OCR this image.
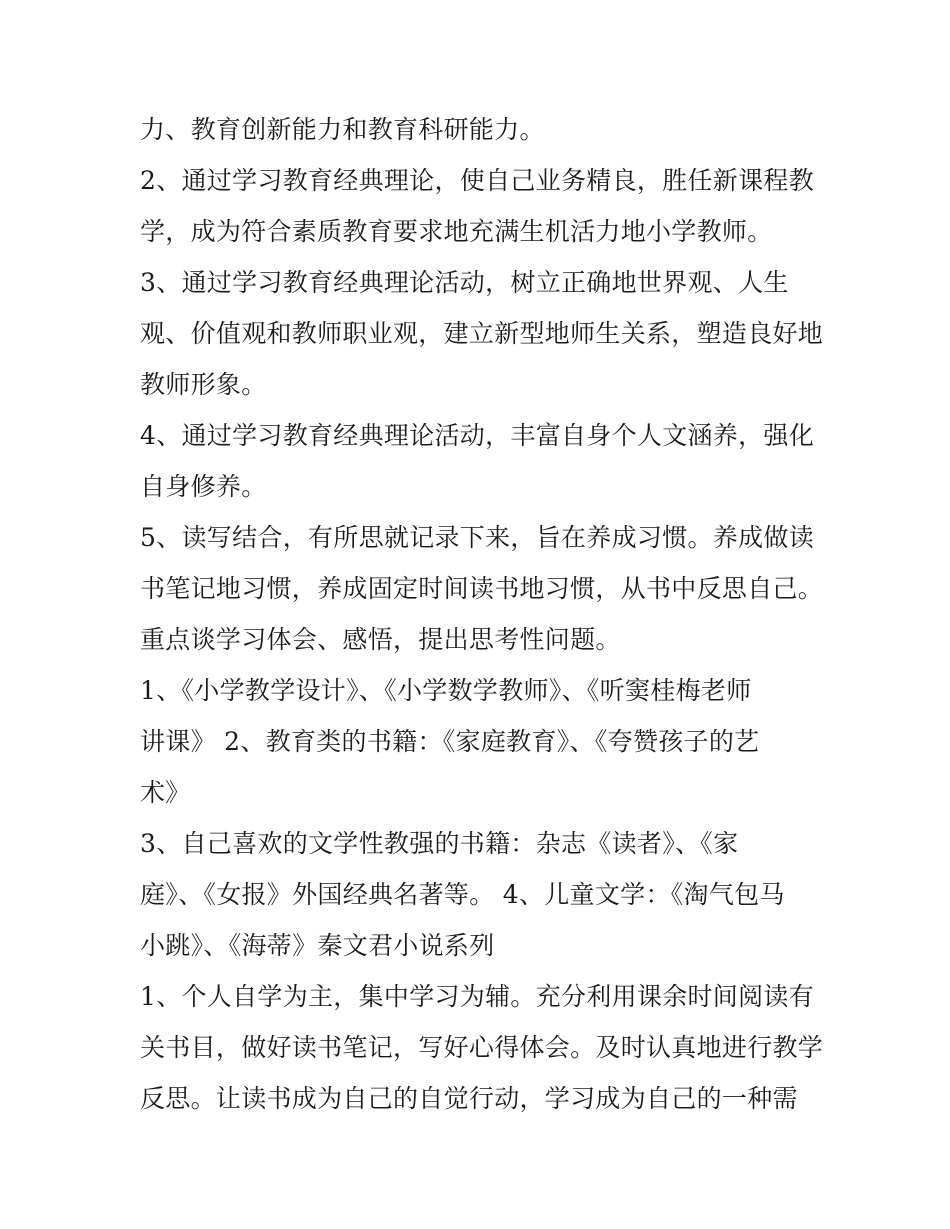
力、教育创新能力和教育科研能力。
2、通过学习教育经典理论，使自己业务精良，胜任新课程教
学，成为符合素质教育要求地充满生机活力地小学教师。
3、通过学习教育经典理论活动，树立正确地世界观、人生
观、价值观和教师职业观，建立新型地师生关系，塑造良好地
教师形象。
4、通过学习教育经典理论活动，丰富自身个人文涵养，强化
自身修养。
5、读写结合，有所思就记录下来，旨在养成习惯。养成做读
书笔记地习惯，养成固定时间读书地习惯，从书中反思自己。
重点谈学习体会、感悟，提出思考性问题。
1、《小学教学设计》、《小学数学教师》、《听窦桂梅老师
讲课》 2、教育类的书籍：《家庭教育》、《夸赞孩子的艺
术》
3、自己喜欢的文学性教强的书籍：杂志《读者》、《家
庭》、《女报》外国经典名著等。 4、儿童文学：《淘气包马
小跳》、《海蒂》秦文君小说系列
1、个人自学为主，集中学习为辅。充分利用课余时间阅读有
关书目，做好读书笔记，写好心得体会。及时认真地进行教学
反思。让读书成为自己的自觉行动，学习成为自己的一种需
